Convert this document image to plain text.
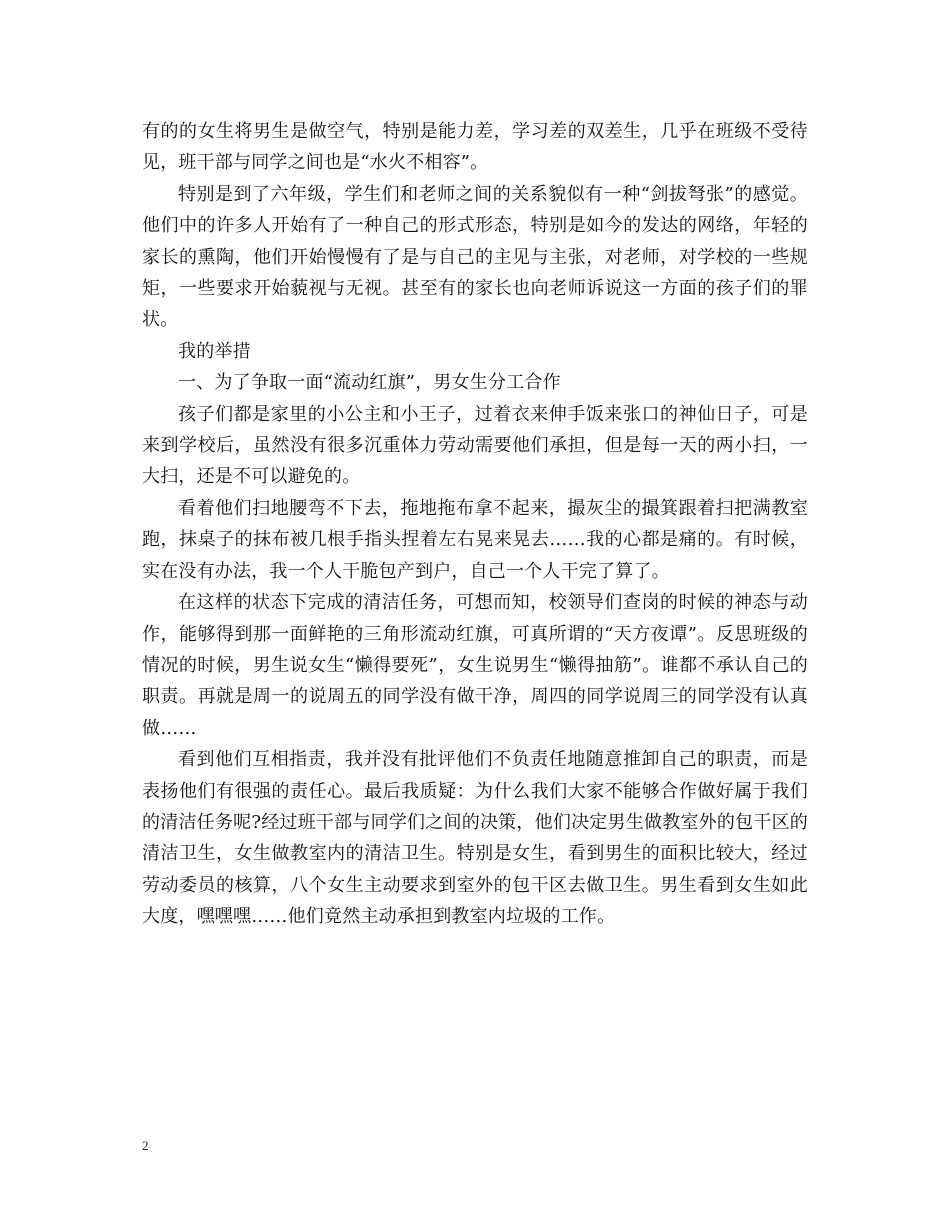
有的的女生将男生是做空气，特别是能力差，学习差的双差生，几乎在班级不受待见，班干部与同学之间也是“水火不相容”。

特别是到了六年级，学生们和老师之间的关系貌似有一种“剑拔弩张”的感觉。他们中的许多人开始有了一种自己的形式形态，特别是如今的发达的网络，年轻的家长的熏陶，他们开始慢慢有了是与自己的主见与主张，对老师，对学校的一些规矩，一些要求开始藐视与无视。甚至有的家长也向老师诉说这一方面的孩子们的罪状。

我的举措

一、为了争取一面“流动红旗”，男女生分工合作

孩子们都是家里的小公主和小王子，过着衣来伸手饭来张口的神仙日子，可是来到学校后，虽然没有很多沉重体力劳动需要他们承担，但是每一天的两小扫，一大扫，还是不可以避免的。

看着他们扫地腰弯不下去，拖地拖布拿不起来，撮灰尘的撮箕跟着扫把满教室跑，抹桌子的抹布被几根手指头捏着左右晃来晃去……我的心都是痛的。有时候，实在没有办法，我一个人干脆包产到户，自己一个人干完了算了。

在这样的状态下完成的清洁任务，可想而知，校领导们查岗的时候的神态与动作，能够得到那一面鲜艳的三角形流动红旗，可真所谓的“天方夜谭”。反思班级的情况的时候，男生说女生“懒得要死”，女生说男生“懒得抽筋”。谁都不承认自己的职责。再就是周一的说周五的同学没有做干净，周四的同学说周三的同学没有认真做……

看到他们互相指责，我并没有批评他们不负责任地随意推卸自己的职责，而是表扬他们有很强的责任心。最后我质疑：为什么我们大家不能够合作做好属于我们的清洁任务呢?经过班干部与同学们之间的决策，他们决定男生做教室外的包干区的清洁卫生，女生做教室内的清洁卫生。特别是女生，看到男生的面积比较大，经过劳动委员的核算，八个女生主动要求到室外的包干区去做卫生。男生看到女生如此大度，嘿嘿嘿……他们竟然主动承担到教室内垃圾的工作。

2
